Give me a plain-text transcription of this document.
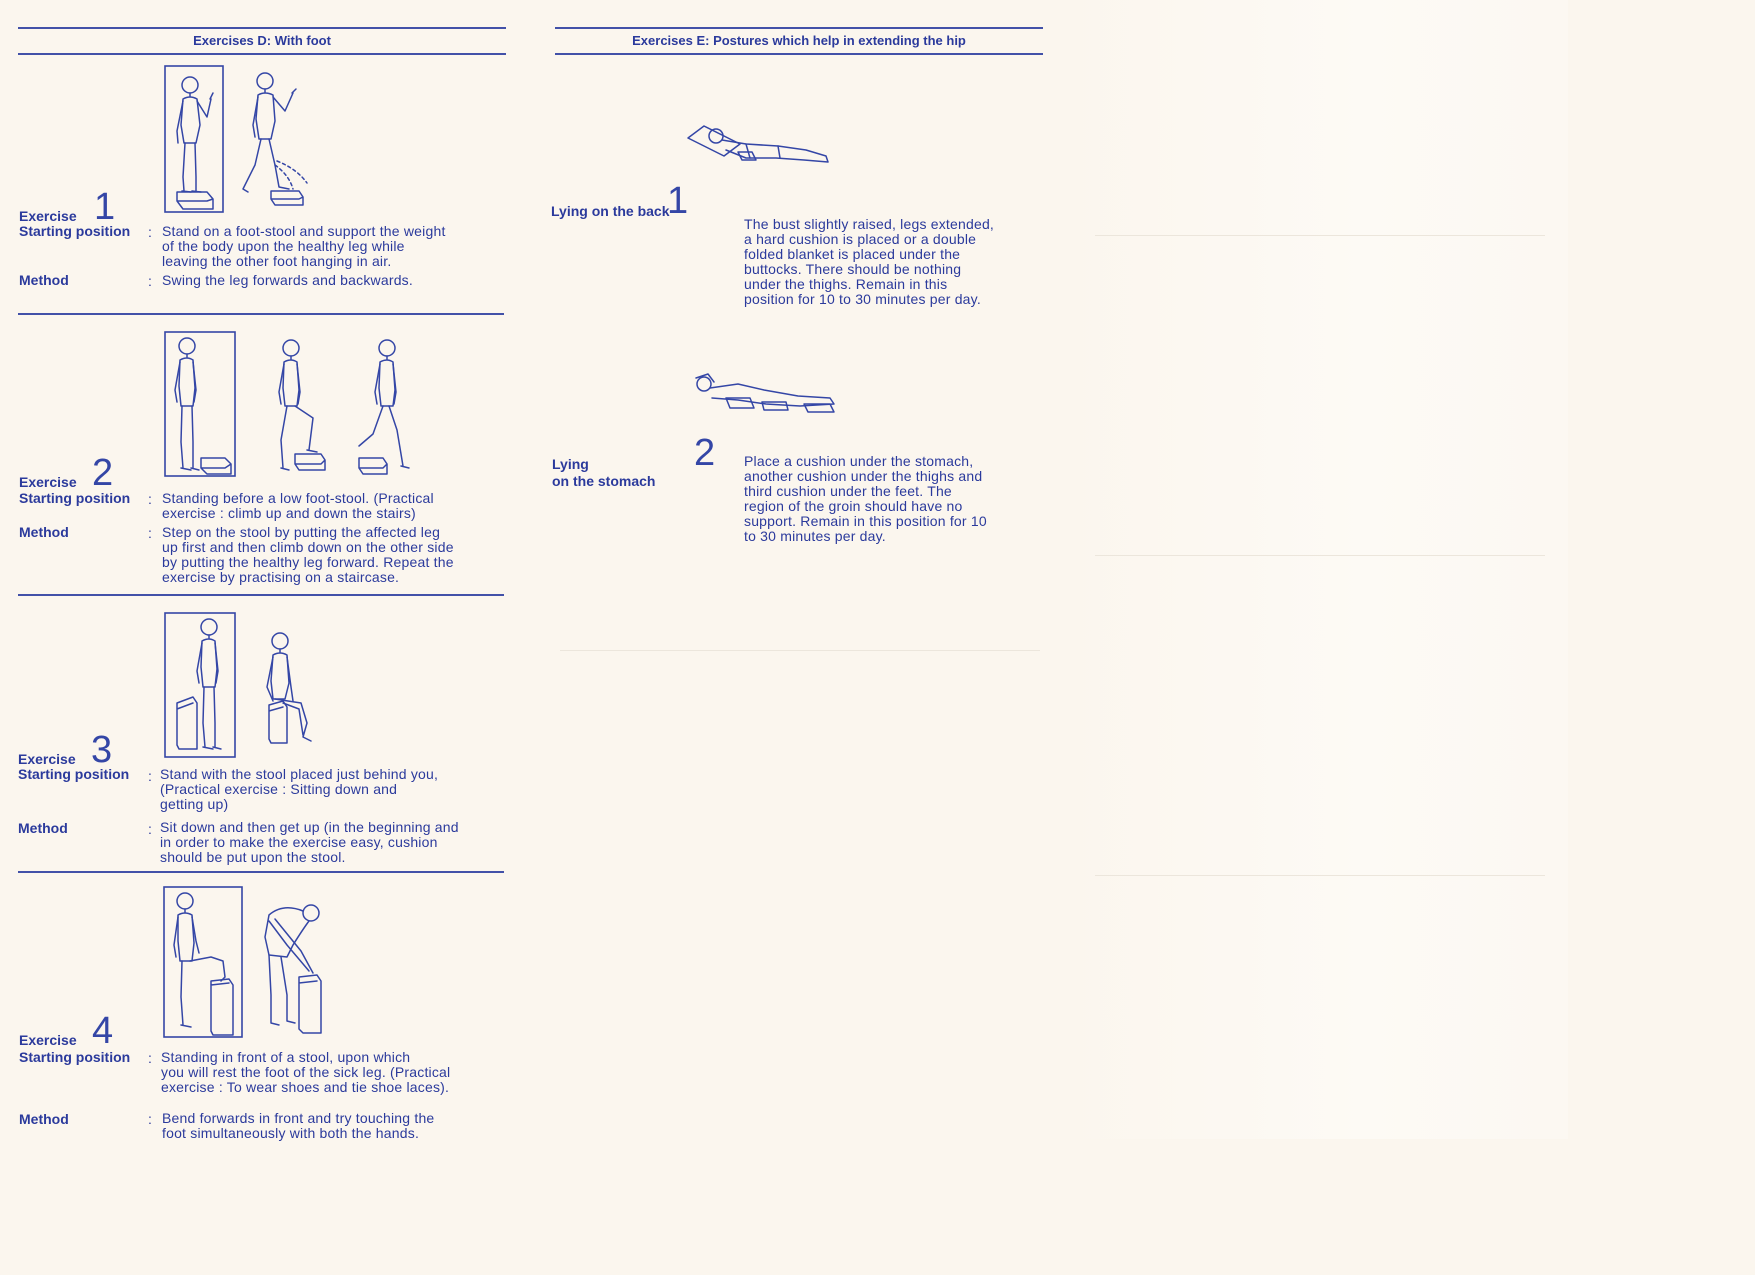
Exercises D: With foot
Exercise 1
Starting position : Stand on a foot-stool and support the weight
of the body upon the healthy leg while
leaving the other foot hanging in air.
Method	: Swing the leg forwards and backwards.
Exercise 2
Starting position : Standing before a low foot-stool. (Practical
exercise : climb up and down the stairs)
Method	: Step on the stool by putting the affected leg
up first and then climb down on the other side
by putting the healthy leg forward. Repeat the
exercise by practising on a staircase.
Exercise 3
Starting position : Stand with the stool placed just behind you,
(Practical exercise : Sitting down and
getting up)
Method	: Sit down and then get up (in the beginning and
in order to make the exercise easy, cushion
should be put upon the stool.
Exercise 4
Starting position : Standing in front of a stool, upon which
you will rest the foot of the sick leg. (Practical
exercise : To wear shoes and tie shoe laces).
Method	: Bend forwards in front and try touching the
foot simultaneously with both the hands.
Exercises E: Postures which help in extending the hip
Lying on the back
1
The bust slightly raised, legs extended,
a hard cushion is placed or a double
folded blanket is placed under the
buttocks. There should be nothing
under the thighs. Remain in this
position for 10 to 30 minutes per day.
Lying
on the stomach
2 Place a cushion under the stomach,
another cushion under the thighs and
third cushion under the feet. The
region of the groin should have no
support. Remain in this position for 10
to 30 minutes per day.
